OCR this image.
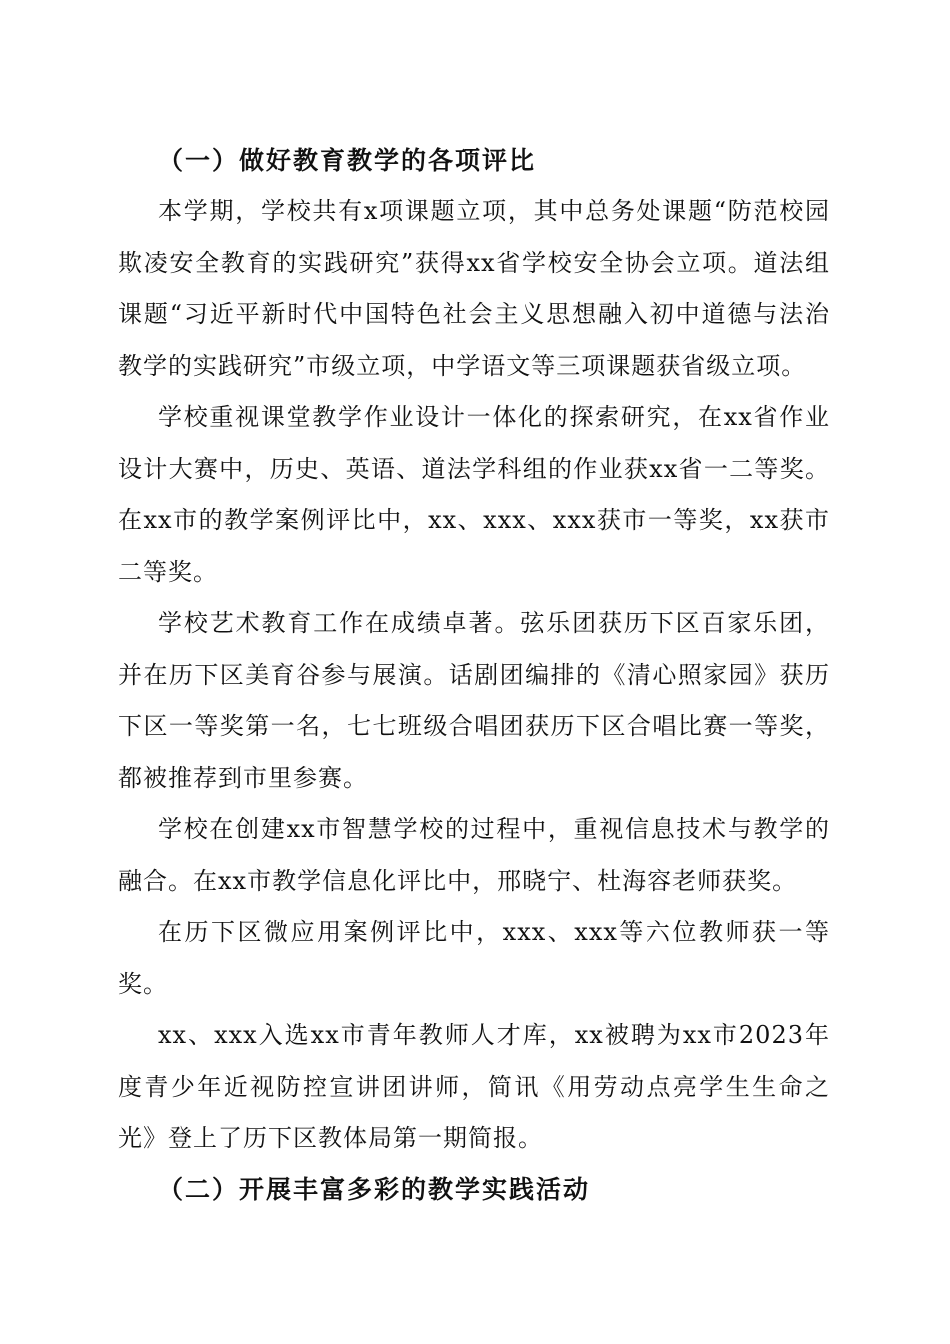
（一）做好教育教学的各项评比

本学期，学校共有x项课题立项，其中总务处课题“防范校园欺凌安全教育的实践研究”获得xx省学校安全协会立项。道法组课题“习近平新时代中国特色社会主义思想融入初中道德与法治教学的实践研究”市级立项，中学语文等三项课题获省级立项。

学校重视课堂教学作业设计一体化的探索研究，在xx省作业设计大赛中，历史、英语、道法学科组的作业获xx省一二等奖。在xx市的教学案例评比中，xx、xxx、xxx获市一等奖，xx获市二等奖。

学校艺术教育工作在成绩卓著。弦乐团获历下区百家乐团，并在历下区美育谷参与展演。话剧团编排的《清心照家园》获历下区一等奖第一名，七七班级合唱团获历下区合唱比赛一等奖，都被推荐到市里参赛。

学校在创建xx市智慧学校的过程中，重视信息技术与教学的融合。在xx市教学信息化评比中，邢晓宁、杜海容老师获奖。

在历下区微应用案例评比中，xxx、xxx等六位教师获一等奖。

xx、xxx入选xx市青年教师人才库，xx被聘为xx市2023年度青少年近视防控宣讲团讲师，简讯《用劳动点亮学生生命之光》登上了历下区教体局第一期简报。

（二）开展丰富多彩的教学实践活动
